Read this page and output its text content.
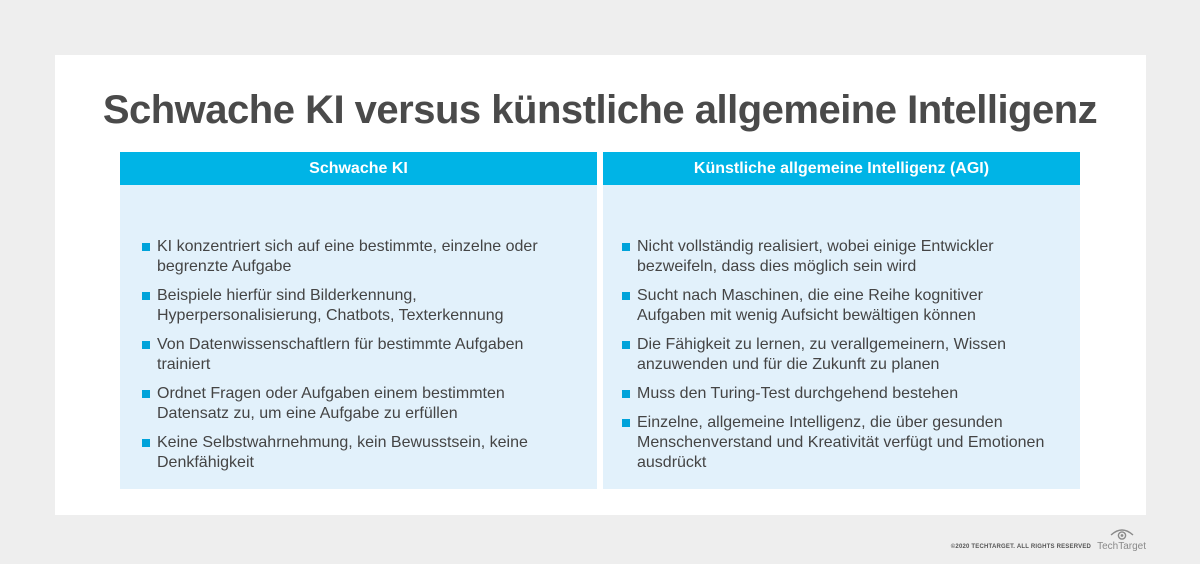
Schwache KI versus künstliche allgemeine Intelligenz
Schwache KI
KI konzentriert sich auf eine bestimmte, einzelne oder begrenzte Aufgabe
Beispiele hierfür sind Bilderkennung, Hyperpersonalisierung, Chatbots, Texterkennung
Von Datenwissenschaftlern für bestimmte Aufgaben trainiert
Ordnet Fragen oder Aufgaben einem bestimmten Datensatz zu, um eine Aufgabe zu erfüllen
Keine Selbstwahrnehmung, kein Bewusstsein, keine Denkfähigkeit
Künstliche allgemeine Intelligenz (AGI)
Nicht vollständig realisiert, wobei einige Entwickler bezweifeln, dass dies möglich sein wird
Sucht nach Maschinen, die eine Reihe kognitiver Aufgaben mit wenig Aufsicht bewältigen können
Die Fähigkeit zu lernen, zu verallgemeinern, Wissen anzuwenden und für die Zukunft zu planen
Muss den Turing-Test durchgehend bestehen
Einzelne, allgemeine Intelligenz, die über gesunden Menschenverstand und Kreativität verfügt und Emotionen ausdrückt
©2020 TECHTARGET. ALL RIGHTS RESERVED TechTarget
